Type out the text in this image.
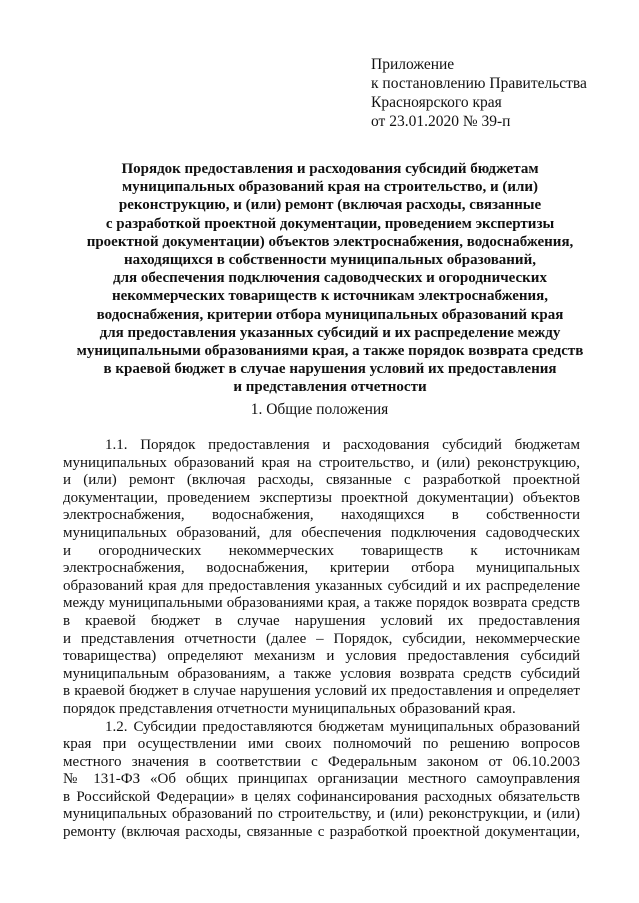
Приложение
к постановлению Правительства
Красноярского края
от 23.01.2020 № 39-п
Порядок предоставления и расходования субсидий бюджетам
муниципальных образований края на строительство, и (или)
реконструкцию, и (или) ремонт (включая расходы, связанные
с разработкой проектной документации, проведением экспертизы
проектной документации) объектов электроснабжения, водоснабжения,
находящихся в собственности муниципальных образований,
для обеспечения подключения садоводческих и огороднических
некоммерческих товариществ к источникам электроснабжения,
водоснабжения, критерии отбора муниципальных образований края
для предоставления указанных субсидий и их распределение между
муниципальными образованиями края, а также порядок возврата средств
в краевой бюджет в случае нарушения условий их предоставления
и представления отчетности
1. Общие положения
1.1. Порядок предоставления и расходования субсидий бюджетам
муниципальных образований края на строительство, и (или) реконструкцию,
и (или) ремонт (включая расходы, связанные с разработкой проектной
документации, проведением экспертизы проектной документации) объектов
электроснабжения, водоснабжения, находящихся в собственности
муниципальных образований, для обеспечения подключения садоводческих
и огороднических некоммерческих товариществ к источникам
электроснабжения, водоснабжения, критерии отбора муниципальных
образований края для предоставления указанных субсидий и их распределение
между муниципальными образованиями края, а также порядок возврата средств
в краевой бюджет в случае нарушения условий их предоставления
и представления отчетности (далее – Порядок, субсидии, некоммерческие
товарищества) определяют механизм и условия предоставления субсидий
муниципальным образованиям, а также условия возврата средств субсидий
в краевой бюджет в случае нарушения условий их предоставления и определяет
порядок представления отчетности муниципальных образований края.
1.2. Субсидии предоставляются бюджетам муниципальных образований
края при осуществлении ими своих полномочий по решению вопросов
местного значения в соответствии с Федеральным законом от 06.10.2003
№ 131-ФЗ «Об общих принципах организации местного самоуправления
в Российской Федерации» в целях софинансирования расходных обязательств
муниципальных образований по строительству, и (или) реконструкции, и (или)
ремонту (включая расходы, связанные с разработкой проектной документации,
